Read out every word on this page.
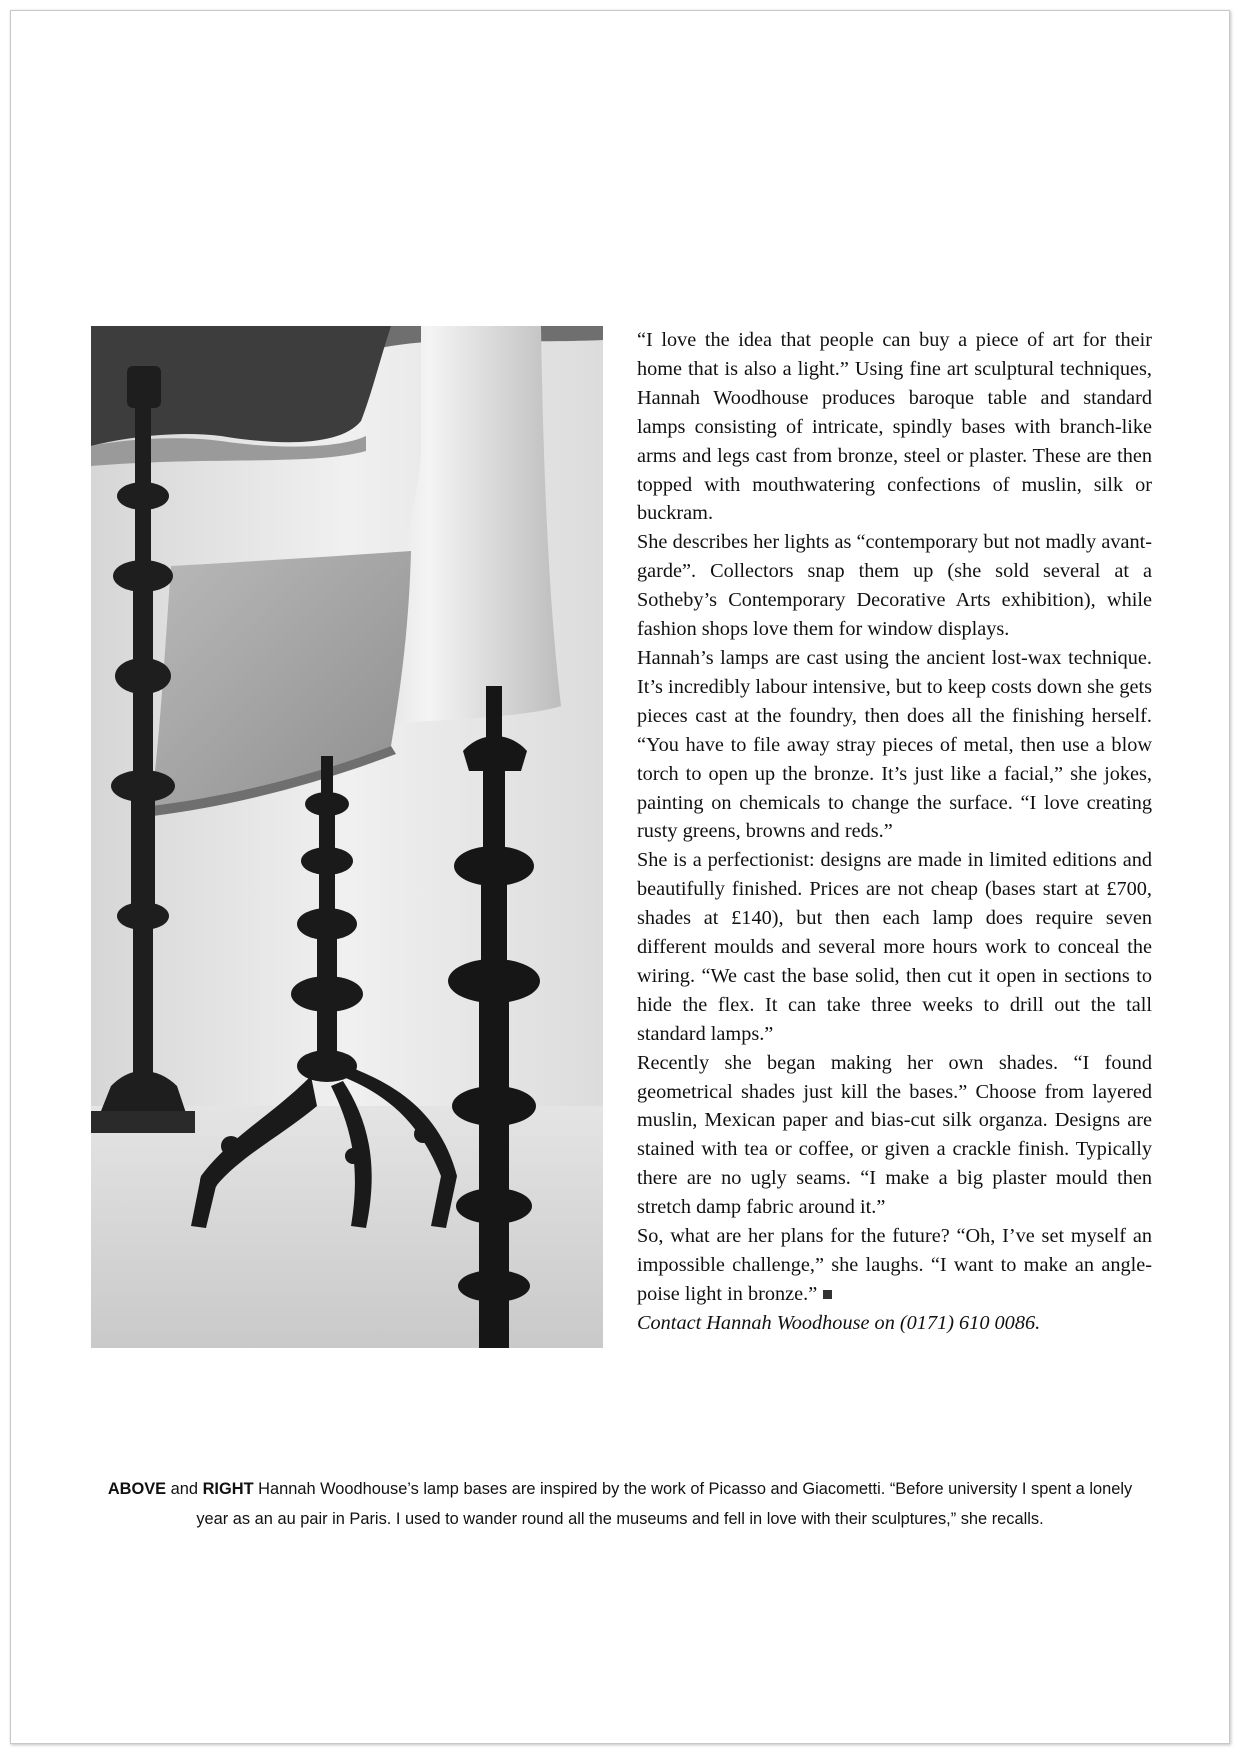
“I love the idea that people can buy a piece of art for their home that is also a light.” Using fine art sculptural techniques, Hannah Woodhouse produces baroque table and standard lamps consisting of intricate, spindly bases with branch-like arms and legs cast from bronze, steel or plaster. These are then topped with mouthwatering confections of muslin, silk or buckram.

She describes her lights as “contemporary but not madly avant-garde”. Collectors snap them up (she sold several at a Sotheby’s Contemporary Decorative Arts exhibition), while fashion shops love them for window displays.

Hannah’s lamps are cast using the ancient lost-wax technique. It’s incredibly labour intensive, but to keep costs down she gets pieces cast at the foundry, then does all the finishing herself. “You have to file away stray pieces of metal, then use a blow torch to open up the bronze. It’s just like a facial,” she jokes, painting on chemicals to change the surface. “I love creating rusty greens, browns and reds.”

She is a perfectionist: designs are made in limited editions and beautifully finished. Prices are not cheap (bases start at £700, shades at £140), but then each lamp does require seven different moulds and several more hours work to conceal the wiring. “We cast the base solid, then cut it open in sections to hide the flex. It can take three weeks to drill out the tall standard lamps.”

Recently she began making her own shades. “I found geometrical shades just kill the bases.” Choose from layered muslin, Mexican paper and bias-cut silk organza. Designs are stained with tea or coffee, or given a crackle finish. Typically there are no ugly seams. “I make a big plaster mould then stretch damp fabric around it.”

So, what are her plans for the future? “Oh, I’ve set myself an impossible challenge,” she laughs. “I want to make an angle-poise light in bronze.”

Contact Hannah Woodhouse on (0171) 610 0086.

ABOVE and RIGHT Hannah Woodhouse’s lamp bases are inspired by the work of Picasso and Giacometti. “Before university I spent a lonely year as an au pair in Paris. I used to wander round all the museums and fell in love with their sculptures,” she recalls.
